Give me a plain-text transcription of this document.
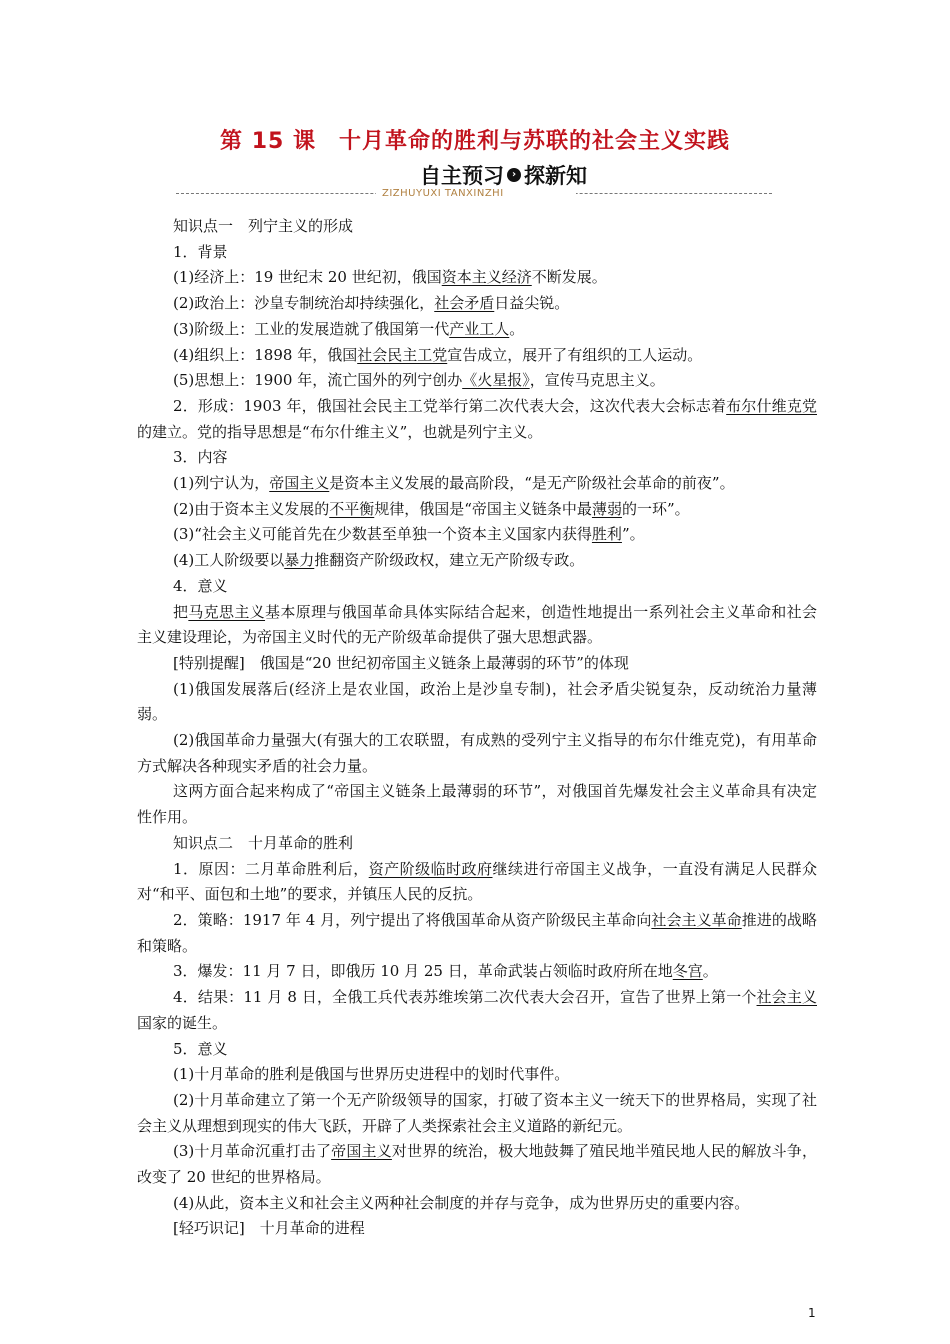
第 15 课　十月革命的胜利与苏联的社会主义实践
自主预习 › 探新知
ZIZHUYUXI TANXINZHI

知识点一　列宁主义的形成

1．背景

(1)经济上：19 世纪末 20 世纪初，俄国资本主义经济不断发展。

(2)政治上：沙皇专制统治却持续强化，社会矛盾日益尖锐。

(3)阶级上：工业的发展造就了俄国第一代产业工人。

(4)组织上：1898 年，俄国社会民主工党宣告成立，展开了有组织的工人运动。

(5)思想上：1900 年，流亡国外的列宁创办《火星报》，宣传马克思主义。

2．形成：1903 年，俄国社会民主工党举行第二次代表大会，这次代表大会标志着布尔什维克党的建立。党的指导思想是“布尔什维主义”，也就是列宁主义。

3．内容

(1)列宁认为，帝国主义是资本主义发展的最高阶段，“是无产阶级社会革命的前夜”。

(2)由于资本主义发展的不平衡规律，俄国是“帝国主义链条中最薄弱的一环”。

(3)“社会主义可能首先在少数甚至单独一个资本主义国家内获得胜利”。

(4)工人阶级要以暴力推翻资产阶级政权，建立无产阶级专政。

4．意义

把马克思主义基本原理与俄国革命具体实际结合起来，创造性地提出一系列社会主义革命和社会主义建设理论，为帝国主义时代的无产阶级革命提供了强大思想武器。

[特别提醒]　俄国是“20 世纪初帝国主义链条上最薄弱的环节”的体现

(1)俄国发展落后(经济上是农业国，政治上是沙皇专制)，社会矛盾尖锐复杂，反动统治力量薄弱。

(2)俄国革命力量强大(有强大的工农联盟，有成熟的受列宁主义指导的布尔什维克党)，有用革命方式解决各种现实矛盾的社会力量。

这两方面合起来构成了“帝国主义链条上最薄弱的环节”，对俄国首先爆发社会主义革命具有决定性作用。

知识点二　十月革命的胜利

1．原因：二月革命胜利后，资产阶级临时政府继续进行帝国主义战争，一直没有满足人民群众对“和平、面包和土地”的要求，并镇压人民的反抗。

2．策略：1917 年 4 月，列宁提出了将俄国革命从资产阶级民主革命向社会主义革命推进的战略和策略。

3．爆发：11 月 7 日，即俄历 10 月 25 日，革命武装占领临时政府所在地冬宫。

4．结果：11 月 8 日，全俄工兵代表苏维埃第二次代表大会召开，宣告了世界上第一个社会主义国家的诞生。

5．意义

(1)十月革命的胜利是俄国与世界历史进程中的划时代事件。

(2)十月革命建立了第一个无产阶级领导的国家，打破了资本主义一统天下的世界格局，实现了社会主义从理想到现实的伟大飞跃，开辟了人类探索社会主义道路的新纪元。

(3)十月革命沉重打击了帝国主义对世界的统治，极大地鼓舞了殖民地半殖民地人民的解放斗争，改变了 20 世纪的世界格局。

(4)从此，资本主义和社会主义两种社会制度的并存与竞争，成为世界历史的重要内容。

[轻巧识记]　十月革命的进程

1
